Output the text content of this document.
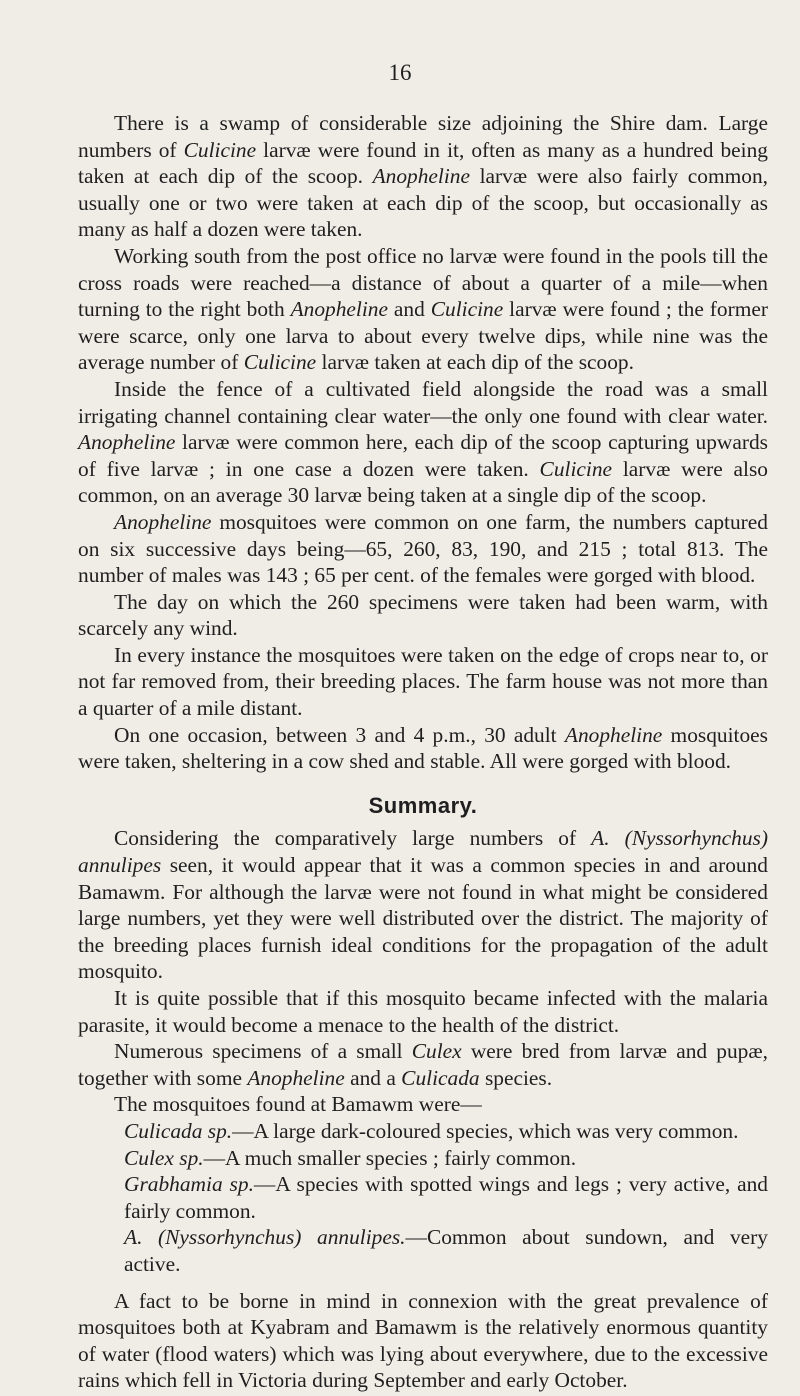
16

There is a swamp of considerable size adjoining the Shire dam. Large numbers of Culicine larvæ were found in it, often as many as a hundred being taken at each dip of the scoop. Anopheline larvæ were also fairly common, usually one or two were taken at each dip of the scoop, but occasionally as many as half a dozen were taken.

Working south from the post office no larvæ were found in the pools till the cross roads were reached—a distance of about a quarter of a mile—when turning to the right both Anopheline and Culicine larvæ were found ; the former were scarce, only one larva to about every twelve dips, while nine was the average number of Culicine larvæ taken at each dip of the scoop.

Inside the fence of a cultivated field alongside the road was a small irrigating channel containing clear water—the only one found with clear water. Anopheline larvæ were common here, each dip of the scoop capturing upwards of five larvæ ; in one case a dozen were taken. Culicine larvæ were also common, on an average 30 larvæ being taken at a single dip of the scoop.

Anopheline mosquitoes were common on one farm, the numbers captured on six successive days being—65, 260, 83, 190, and 215 ; total 813. The number of males was 143 ; 65 per cent. of the females were gorged with blood.

The day on which the 260 specimens were taken had been warm, with scarcely any wind.

In every instance the mosquitoes were taken on the edge of crops near to, or not far removed from, their breeding places. The farm house was not more than a quarter of a mile distant.

On one occasion, between 3 and 4 p.m., 30 adult Anopheline mosquitoes were taken, sheltering in a cow shed and stable. All were gorged with blood.

Summary.

Considering the comparatively large numbers of A. (Nyssorhynchus) annulipes seen, it would appear that it was a common species in and around Bamawm. For although the larvæ were not found in what might be considered large numbers, yet they were well distributed over the district. The majority of the breeding places furnish ideal conditions for the propagation of the adult mosquito.

It is quite possible that if this mosquito became infected with the malaria parasite, it would become a menace to the health of the district.

Numerous specimens of a small Culex were bred from larvæ and pupæ, together with some Anopheline and a Culicada species.

The mosquitoes found at Bamawm were—

Culicada sp.—A large dark-coloured species, which was very common.

Culex sp.—A much smaller species ; fairly common.

Grabhamia sp.—A species with spotted wings and legs ; very active, and fairly common.

A. (Nyssorhynchus) annulipes.—Common about sundown, and very active.

A fact to be borne in mind in connexion with the great prevalence of mosquitoes both at Kyabram and Bamawm is the relatively enormous quantity of water (flood waters) which was lying about everywhere, due to the excessive rains which fell in Victoria during September and early October.
